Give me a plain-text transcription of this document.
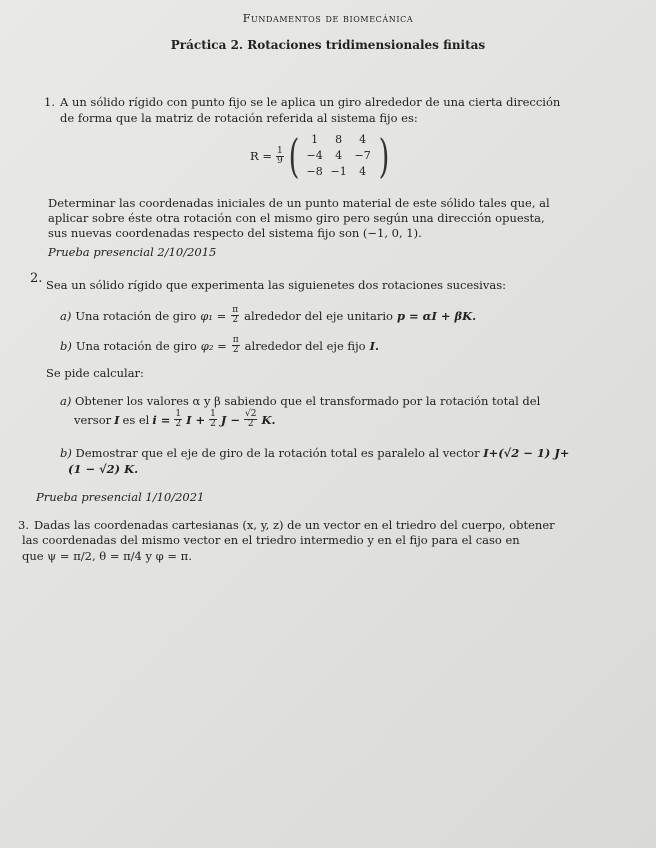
Fundamentos de biomecánica
Práctica 2. Rotaciones tridimensionales finitas
1. A un sólido rígido con punto fijo se le aplica un giro alrededor de una cierta dirección
de forma que la matriz de rotación referida al sistema fijo es:
$R = \frac{1}{9}$ (	1	8	4
−4	4	−7
−8 −1	4 )
Determinar las coordenadas iniciales de un punto material de este sólido tales que, al
aplicar sobre éste otra rotación con el mismo giro pero según una dirección opuesta,
sus nuevas coordenadas respecto del sistema fijo son (−1, 0, 1).
Prueba presencial 2/10/2015
2. Sea un sólido rígido que experimenta las siguienetes dos rotaciones sucesivas:
a) Una rotación de giro $\varphi_1 = \frac{\pi}{2}$ alrededor del eje unitario p = αI + βK.
b) Una rotación de giro $\varphi_2 = \frac{\pi}{2}$ alrededor del eje fijo I.
Se pide calcular:
a) Obtener los valores α y β sabiendo que el transformado por la rotación total del
versor I es el $i = \frac{1}{2}$ $I + \frac{1}{2}$ $J - \frac{√2}{2} K$.
b) Demostrar que el eje de giro de la rotación total es paralelo al vector I+(√2 − 1) J+
(1 − √2) K.
Prueba presencial 1/10/2021
3. Dadas las coordenadas cartesianas (x, y, z) de un vector en el triedro del cuerpo, obtener
las coordenadas del mismo vector en el triedro intermedio y en el fijo para el caso en
que ψ = π/2, θ = π/4 y φ = π.
